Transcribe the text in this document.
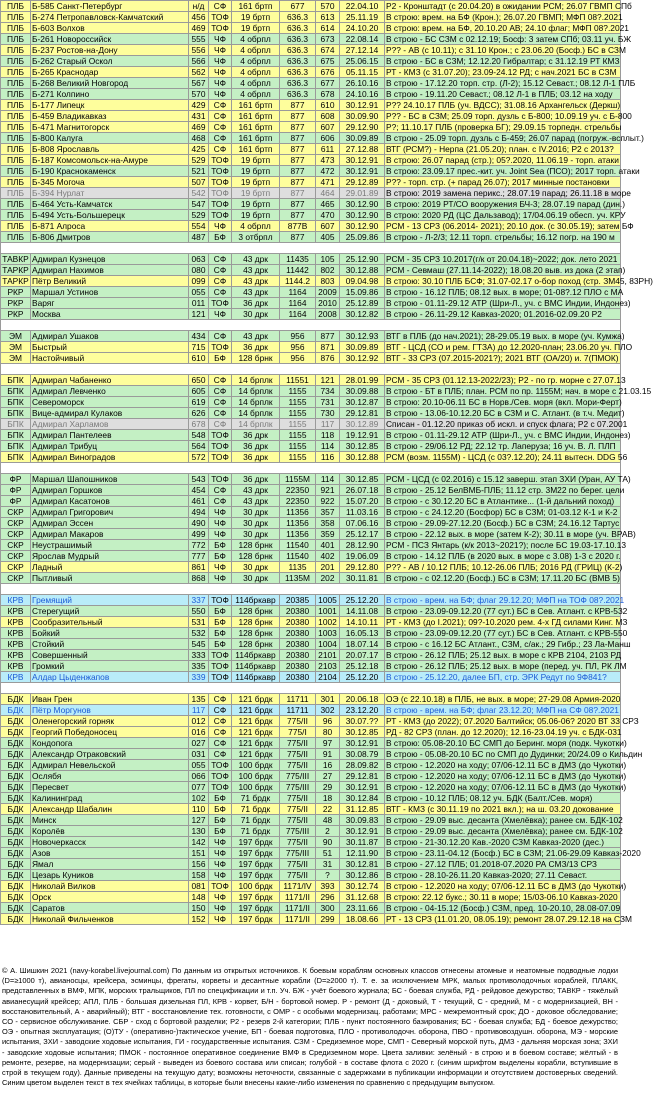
ПЛБ	Б-585 Санкт-Петербург	н/д	СФ	161 бртп	677	570	22.04.10	Р2 - Кронштадт (с 20.04.20) в ожидании РСМ; 26.07 ГВМП СПб
ПЛБ	Б-274 Петропавловск-Камчатский	456	ТОФ	19 бртп	636.3	613	25.11.19	В строю: врем. на БФ (Крон.); 26.07.20 ГВМП; МФП 08?.2021
ПЛБ	Б-603 Волхов	469	ТОФ	19 бртп	636.3	614	24.10.20	В строю: врем. на БФ, 20.10.20 АВ; 24.10 флаг; МФП 08?.2021
ПЛБ	Б-261 Новороссийск	555	ЧФ	4 обрпл	636.3	673	22.08.14	В строю - БС СЗМ с 02.12.19; Босф: 3 затем СПб; 03.11 уч. БЖ
ПЛБ	Б-237 Ростов-на-Дону	556	ЧФ	4 обрпл	636.3	674	27.12.14	Р?? - АВ (с 10.11); с 31.10 Крон.; с 23.06.20 (Босф.) БС в СЗМ
ПЛБ	Б-262 Старый Оскол	566	ЧФ	4 обрпл	636.3	675	25.06.15	В строю - БС в СЗМ; 12.12.20 Гибралтар; с 31.12.19 РТ КМЗ
ПЛБ	Б-265 Краснодар	562	ЧФ	4 обрпл	636.3	676	05.11.15	РТ - КМЗ (с 31.07.20); 23.09-24.12 РД; с нач.2021 БС в СЗМ
ПЛБ	Б-268 Великий Новгород	567	ЧФ	4 обрпл	636.3	677	26.10.16	В строю - 17.12.20 торп. стр. (Л-2); 15.12 Севаст.; 08.12 Л-1 ПЛБ
ПЛБ	Б-271 Колпино	570	ЧФ	4 обрпл	636.3	678	24.10.16	В строю - 19.11.20 Севаст.; 08.12 Л-1 в ПЛБ; 03.12 на ходу
ПЛБ	Б-177 Липецк	429	СФ	161 бртп	877	610	30.12.91	Р?? 24.10.17 ПЛБ (уч. ВДСС); 31.08.16 Архангельск (Деркш)
ПЛБ	Б-459 Владикавказ	431	СФ	161 бртп	877	608	30.09.90	Р?? - БС в СЗМ; 25.09 торп. дузль с Б-800; 10.09.19 уч. с Б-800
ПЛБ	Б-471 Магнитогорск	469	СФ	161 бртп	877	607	29.12.90	Р?; 11.10.17 ПЛБ (проверка БГ); 29.09.15 торпедн. стрельбы
ПЛБ	Б-800 Калуга	468	СФ	161 бртп	877	606	30.09.89	В строю - 25.09 торп. дузль с Б-459; 26.07 парад (погруж.-всплыт.)
ПЛБ	Б-808 Ярославль	425	СФ	161 бртп	877	611	27.12.88	ВТГ (РСМ?) - Нерпа (21.05.20); план. с IV.2016; Р2 с 2013?
ПЛБ	Б-187 Комсомольск-на-Амуре	529	ТОФ	19 бртп	877	473	30.12.91	В строю: 26.07 парад (стр.); 05?.2020, 11.06.19 - торп. атаки
ПЛБ	Б-190 Краснокаменск	521	ТОФ	19 бртп	877	472	30.12.91	В строю: 23.09.17 прес.-кит. уч. Joint Sea (ПСО); 2017 торп. атаки
ПЛБ	Б-345 Могоча	507	ТОФ	19 бртп	877	471	29.12.89	Р?? - торп. стр. (+ парад 26.07); 2017 минные постановки
ПЛБ	Б-394 Нурлат	542	ТОФ	19 бртп	877	464	29.01.89	В строю: 2019 замена перикс.; 28.07.19 парад; 26.11.18 в море
ПЛБ	Б-464 Усть-Камчатск	547	ТОФ	19 бртп	877	465	30.12.90	В строю: 2019 РТ/СО вооружения БЧ-3; 28.07.19 парад (дин.)
ПЛБ	Б-494 Усть-Большерецк	529	ТОФ	19 бртп	877	470	30.12.90	В строю: 2020 РД (ЦС Дальзавод); 17/04.06.19 обесп. уч. КРУ
ПЛБ	Б-871 Алроса	554	ЧФ	4 обрпл	877В	607	30.12.90	РСМ - 13 СРЗ (06.2014- 2021); 20.10 док. (с 30.05.19); затем БФ
ПЛБ	Б-806 Дмитров	487	БФ	3 отбрпл	877	405	25.09.86	В строю - Л-2/3; 12.11 торп. стрельбы; 16.12 погр. на 190 м

ТАВКР	Адмирал Кузнецов	063	СФ	43 дрк	11435	105	25.12.90	РСМ - 35 СРЗ 10.2017(г/к от 20.04.18)~2022; док. лето 2021
ТАРКР	Адмирал Нахимов	080	СФ	43 дрк	11442	802	30.12.88	РСМ - Севмаш (27.11.14-2022); 18.08.20 выв. из дока (2 этап)
ТАРКР	Пётр Великий	099	СФ	43 дрк	1144.2	803	09.04.98	В строю: 30.10 ПЛБ БСФ; 31.07-02.17 о-бор поход (стр. ЗМ45, 83РН)
РКР	Маршал Устинов	055	СФ	43 дрк	1164	2009	15.09.86	В строю - 16.12 ПЛБ; 08.12 вых. в море; 01-08?.12 ПЛО с МА
РКР	Варяг	011	ТОФ	36 дрк	1164	2010	25.12.89	В строю - 01.11-29.12 АТР (Шри-Л., уч. с ВМС Индии, Индонез)
РКР	Москва	121	ЧФ	30 дрк	1164	2008	30.12.82	В строю - 26.11-29.12 Кавказ-2020; 01.2016-02.09.20 Р2

ЭМ	Адмирал Ушаков	434	СФ	43 дрк	956	877	30.12.93	ВТГ в ПЛБ (до нач.2021); 28-29.05.19 вых. в море (уч. Кумжа)
ЭМ	Быстрый	715	ТОФ	36 дрк	956	871	30.09.89	ВТГ - ЦСД (СО и рем. ГТЗА) до 12.2020-план; 23.06.20 уч. ПЛО
ЭМ	Настойчивый	610	БФ	128 брнк	956	876	30.12.92	ВТГ - 33 СРЗ (07.2015-2021?); 2021 ВТГ (ОА/20) и. 7(ПМОК)

БПК	Адмирал Чабаненко	650	СФ	14 брплк	11551	121	28.01.99	РСМ - 35 СРЗ (01.12.13-2022/23); Р2 - по гр. морне с 27.07.13
БПК	Адмирал Левченко	605	СФ	14 брплк	1155	734	30.09.88	В строю - БТ в ПЛБ; план. РСМ по пр. 1155М; нач. в море с 21.03.15
БПК	Североморск	619	СФ	14 брплк	1155	731	30.12.87	В строю: 20.10-06.11 БС в Норв./Сев. моря (вкл. Мори-Ферт)
БПК	Вице-адмирал Кулаков	626	СФ	14 брплк	1155	730	29.12.81	В строю - 13.06-10.12.20 БС в СЗМ и С. Атлант. (в т.ч. Медит)
БПК	Адмирал Харламов	678	СФ	14 брплк	1155	117	30.12.89	Списан - 01.12.20 приказ об искл. и спуск флага; Р2 с 07.2001
БПК	Адмирал Пантелеев	548	ТОФ	36 дрк	1155	118	19.12.91	В строю - 01.11-29.12 АТР (Шри-Л., уч. с ВМС Индии, Индонез)
БПК	Адмирал Трибуц	564	ТОФ	36 дрк	1155	114	30.12.85	В строю - 29/06.12 РД; 22.12 тр. Лаперуза; 16 уч. В. Л. ПЛП
БПК	Адмирал Виноградов	572	ТОФ	36 дрк	1155	116	30.12.88	РСМ (возм. 1155М) - ЦСД (с 03?.12.20); 24.11 вытесн. DDG 56

ФР	Маршал Шапошников	543	ТОФ	36 дрк	1155М	114	30.12.85	РСМ - ЦСД (с 02.2016) с 15.12 заверш. этап ЗХИ (Уран, АУ ТА)
ФР	Адмирал Горшков	454	СФ	43 дрк	22350	921	26.07.18	В строю - 25.12 БелВМБ-ПЛБ; 11.12 стр. 3М22 по берег. цели
ФР	Адмирал Касатонов	461	СФ	43 дрк	22350	922	15.07.20	В строю - с 30.12.20 БС в Атлантике... (1-й дальний поход)
СКР	Адмирал Григорович	494	ЧФ	30 дрк	11356	357	11.03.16	В строю - с 24.12.20 (Босфор) БС в СЗМ; 01-03.12 К-1 и К-2
СКР	Адмирал Эссен	490	ЧФ	30 дрк	11356	358	07.06.16	В строю - 29.09-27.12.20 (Босф.) БС в СЗМ; 24.16.12 Тартус
СКР	Адмирал Макаров	499	ЧФ	30 дрк	11356	359	25.12.17	В строю - 22.12 вых. в море (затем К-2); 30.11 в море (уч. ВРАВ)
СКР	Неустрашимый	772	БФ	128 брнк	11540	401	28.12.90	РСМ - ПСЗ Янтарь (к/к 2013~2021?); после БС 19.03-17.10.13
СКР	Ярослав Мудрый	777	БФ	128 брнк	11540	402	19.06.09	В строю - 14.12 ПЛБ (в 2020 вых. в море с 3.08) 1-3 с 2020 г.
СКР	Ладный	861	ЧФ	30 дрк	1135	201	29.12.80	Р?? - АВ / 10.12 ПЛБ; 10.12-26.06 ПЛБ; 2016 РД (ГРИЦ) (К-2)
СКР	Пытливый	868	ЧФ	30 дрк	1135М	202	30.11.81	В строю - с 02.12.20 (Босф.) БС в СЗМ; 17.11.20 БС (ВМВ 5)

КРВ	Гремящий	337	ТОФ	114бркавр	20385	1005	25.12.20	В строю - врем. на БФ; флаг 29.12.20; МФП на ТОФ 08?.2021
КРВ	Стерегущий	550	БФ	128 брнк	20380	1001	14.11.08	В строю - 23.09-09.12.20 (77 сут.) БС в Сев. Атлант. с КРВ-532
КРВ	Сообразительный	531	БФ	128 брнк	20380	1002	14.10.11	РТ - КМЗ (до I.2021); 09?-10.2020 рем. 4-х ГД силами Кинг. МЗ
КРВ	Бойкий	532	БФ	128 брнк	20380	1003	16.05.13	В строю - 23.09-09.12.20 (77 сут.) БС в Сев. Атлант. с КРВ-550
КРВ	Стойкий	545	БФ	128 брнк	20380	1004	18.07.14	В строю - с 16.12 БС Атлант., СЗМ, с/ак.; 29 Гибр.; 23 Ла-Манш
КРВ	Совершенный	333	ТОФ	114бркавр	20380	2101	20.07.17	В строю - 26.12 ПЛБ; 25.12 вых. в море с КРВ 2104, 2103 РД
КРВ	Громкий	335	ТОФ	114бркавр	20380	2103	25.12.18	В строю - 26.12 ПЛБ; 25.12 вых. в море (перед. уч. ПЛ, РК ЛМ
КРВ	Алдар Цыденжапов	339	ТОФ	114бркавр	20380	2104	25.12.20	В строю - 25.12.20, далее БП, стр. ЭРК Редут по 9Ф841?

БДК	Иван Грен	135	СФ	121 брдк	11711	301	20.06.18	ОЭ (с 22.10.18) в ПЛБ, не вых. в море; 27-29.08 Армия-2020
БДК	Пётр Моргунов	117	СФ	121 брдк	11711	302	23.12.20	В строю - врем. на БФ; флаг 23.12.20; МФП на СФ 08?.2021
БДК	Оленегорский горняк	012	СФ	121 брдк	775/II	96	30.07.??	РТ - КМЗ (до 2022); 07.2020 Балтийск; 05.06-06? 2020 ВТ 33 СРЗ
БДК	Георгий Победоносец	016	СФ	121 брдк	775/I	80	30.12.85	РД - 82 СРЗ (план. до 12.2020); 12.16-23.04.19 уч. с БДК-031
БДК	Кондопога	027	СФ	121 брдк	775/II	97	30.12.91	В строю: 05.08-20.10 БС СМП до Беринг. моря (подк. Чукотки)
БДК	Александр Отраковский	031	СФ	121 брдк	775/II	91	30.08.79	В строю - 05.08-20.10 БС по СМП до Дудинки; 20/24.09 о Кильдин
БДК	Адмирал Невельской	055	ТОФ	100 брдк	775/II	16	28.09.82	В строю - 12.2020 на ходу; 07/06-12.11 БС в ДМЗ (до Чукотки)
БДК	Ослябя	066	ТОФ	100 брдк	775/III	27	29.12.81	В строю - 12.2020 на ходу; 07/06-12.11 БС в ДМЗ (до Чукотки)
БДК	Пересвет	077	ТОФ	100 брдк	775/III	29	30.12.91	В строю - 12.2020 на ходу; 07/06-12.11 БС в ДМЗ (до Чукотки)
БДК	Калининград	102	БФ	71 брдк	775/II	18	30.12.84	В строю - 10.12 ПЛБ; 08.12 уч. БДК (Балт./Сев. моря)
БДК	Александр Шабалин	110	БФ	71 брдк	775/II	22	31.12.85	ВТГ - КМЗ (с 30.11.19 по 2021 вкл.); на ш. 03.20 докование
БДК	Минск	127	БФ	71 брдк	775/II	48	30.09.83	В строю - 29.09 выс. десанта (Хмелёвка); ранее см. БДК-102
БДК	Королёв	130	БФ	71 брдк	775/III	2	30.12.91	В строю - 29.09 выс. десанта (Хмелёвка); ранее см. БДК-102
БДК	Новочеркасск	142	ЧФ	197 брдк	775/II	90	30.11.87	В строю - 21-30.12.20 Кав.-2020 СЗМ Кавказ-2020 (дес.)
БДК	Азов	151	ЧФ	197 брдк	775/III	51	12.11.90	В строю - 23.11-04.12 (Босф.) БС в СЗМ; 21.06-29.09 Кавказ-2020
БДК	Ямал	156	ЧФ	197 брдк	775/II	31	30.12.81	В строю - 27.12 ПЛБ; 01.2018-07.2020 РА СМЗ/13 СРЗ
БДК	Цезарь Куников	158	ЧФ	197 брдк	775/II	?	30.12.86	В строю - 28.10-26.11.20 Кавказ-2020; 27.11 Севаст.
БДК	Николай Вилков	081	ТОФ	100 брдк	1171/IV	393	30.12.74	В строю - 12.2020 на ходу; 07/06-12.11 БС в ДМЗ (до Чукотки)
БДК	Орск	148	ЧФ	197 брдк	1171/II	296	31.12.68	В строю: 22.12 букс.; 30.11 в море; 15/03-06.10 Кавказ-2020
БДК	Саратов	150	ЧФ	197 брдк	1171/II	300	23.11.66	В строю - 04-15.12 (Босф.) СЗМ, пред. 10-20.10, 28.08-07.09
БДК	Николай Фильченков	152	ЧФ	197 брдк	1171/II	299	18.08.66	РТ - 13 СРЗ (11.01.20, 08.05.19); ремонт 28.07.29.12.18 на СЗМ
© А. Шишкин 2021 (navy-korabel.livejournal.com) По данным из открытых источников. К боевым кораблям основных классов отнесены атомные и неатомные подводные лодки (D=≥1000 т), авианосцы, крейсера, эсминцы, фрегаты, корветы и десантные корабли (D=≥2000 т). Т. е. за исключением МРК, малых противолодочных кораблей, ПЛАКК, представленных в ВМФ, МПК, морских тральщиков, ПЛ по спецификации и т.п. Уч. БЖ - учёт боевого журнала; БС - боевая служба, РД - рейдовое дежурство; ТАВКР - тяжёлый авианесущий крейсер; АПЛ, ПЛБ - большая дизельная ПЛ, КРВ - корвет, Б/Н - бортовой номер. Р - ремонт (Д - доковый, Т - текущий, С - средний, М - с модернизацией, ВН - восстановительный, А - аварийный); ВТГ - восстановление тех. готовности, с ОМР - с особыми модернизац. работами; МРС - межремонтный срок; ДО - доковое обследование; СО - сервисное обслуживание. СБР - сход с бортовой разделки; Р2 - резерв 2-й категории; ПЛБ - пункт постоянного базирования; БС - боевая служба; БД - боевое дежурство; ОЭ - опытная эксплуатация; (О)ТУ - (оперативно-)тактическое учение, БП - боевая подготовка, ПЛО - противолодочн. оборона, ПВО - противовоздушн. оборона, МЭ - морские испытания, ЗХИ - заводские ходовые испытания, ГИ - государственные испытания. СЗМ - Средиземное море, СМП - Северный морской путь, ДМЗ - дальняя морская зона; ЗХИ - заводские ходовые испытания; ПМОК - постоянное оперативное соединение ВМФ в Средиземном море. Цвета заливки: зелёный - в строю и в боевом составе; жёлтый - в ремонте, резерве, на модернизации; серый - выведен из боевого состава или списан; голубой - в составе флота с 2020 г. (синим шрифтом выделены корабли, вступившие в строй в текущем году). Данные приведены на текущую дату; возможны неточности, связанные с задержками в публикации информации и отсутствием достоверных сведений. Синим цветом выделен текст в тех ячейках таблицы, в которые были внесены какие-либо изменения по сравнению с предыдущим выпуском.
